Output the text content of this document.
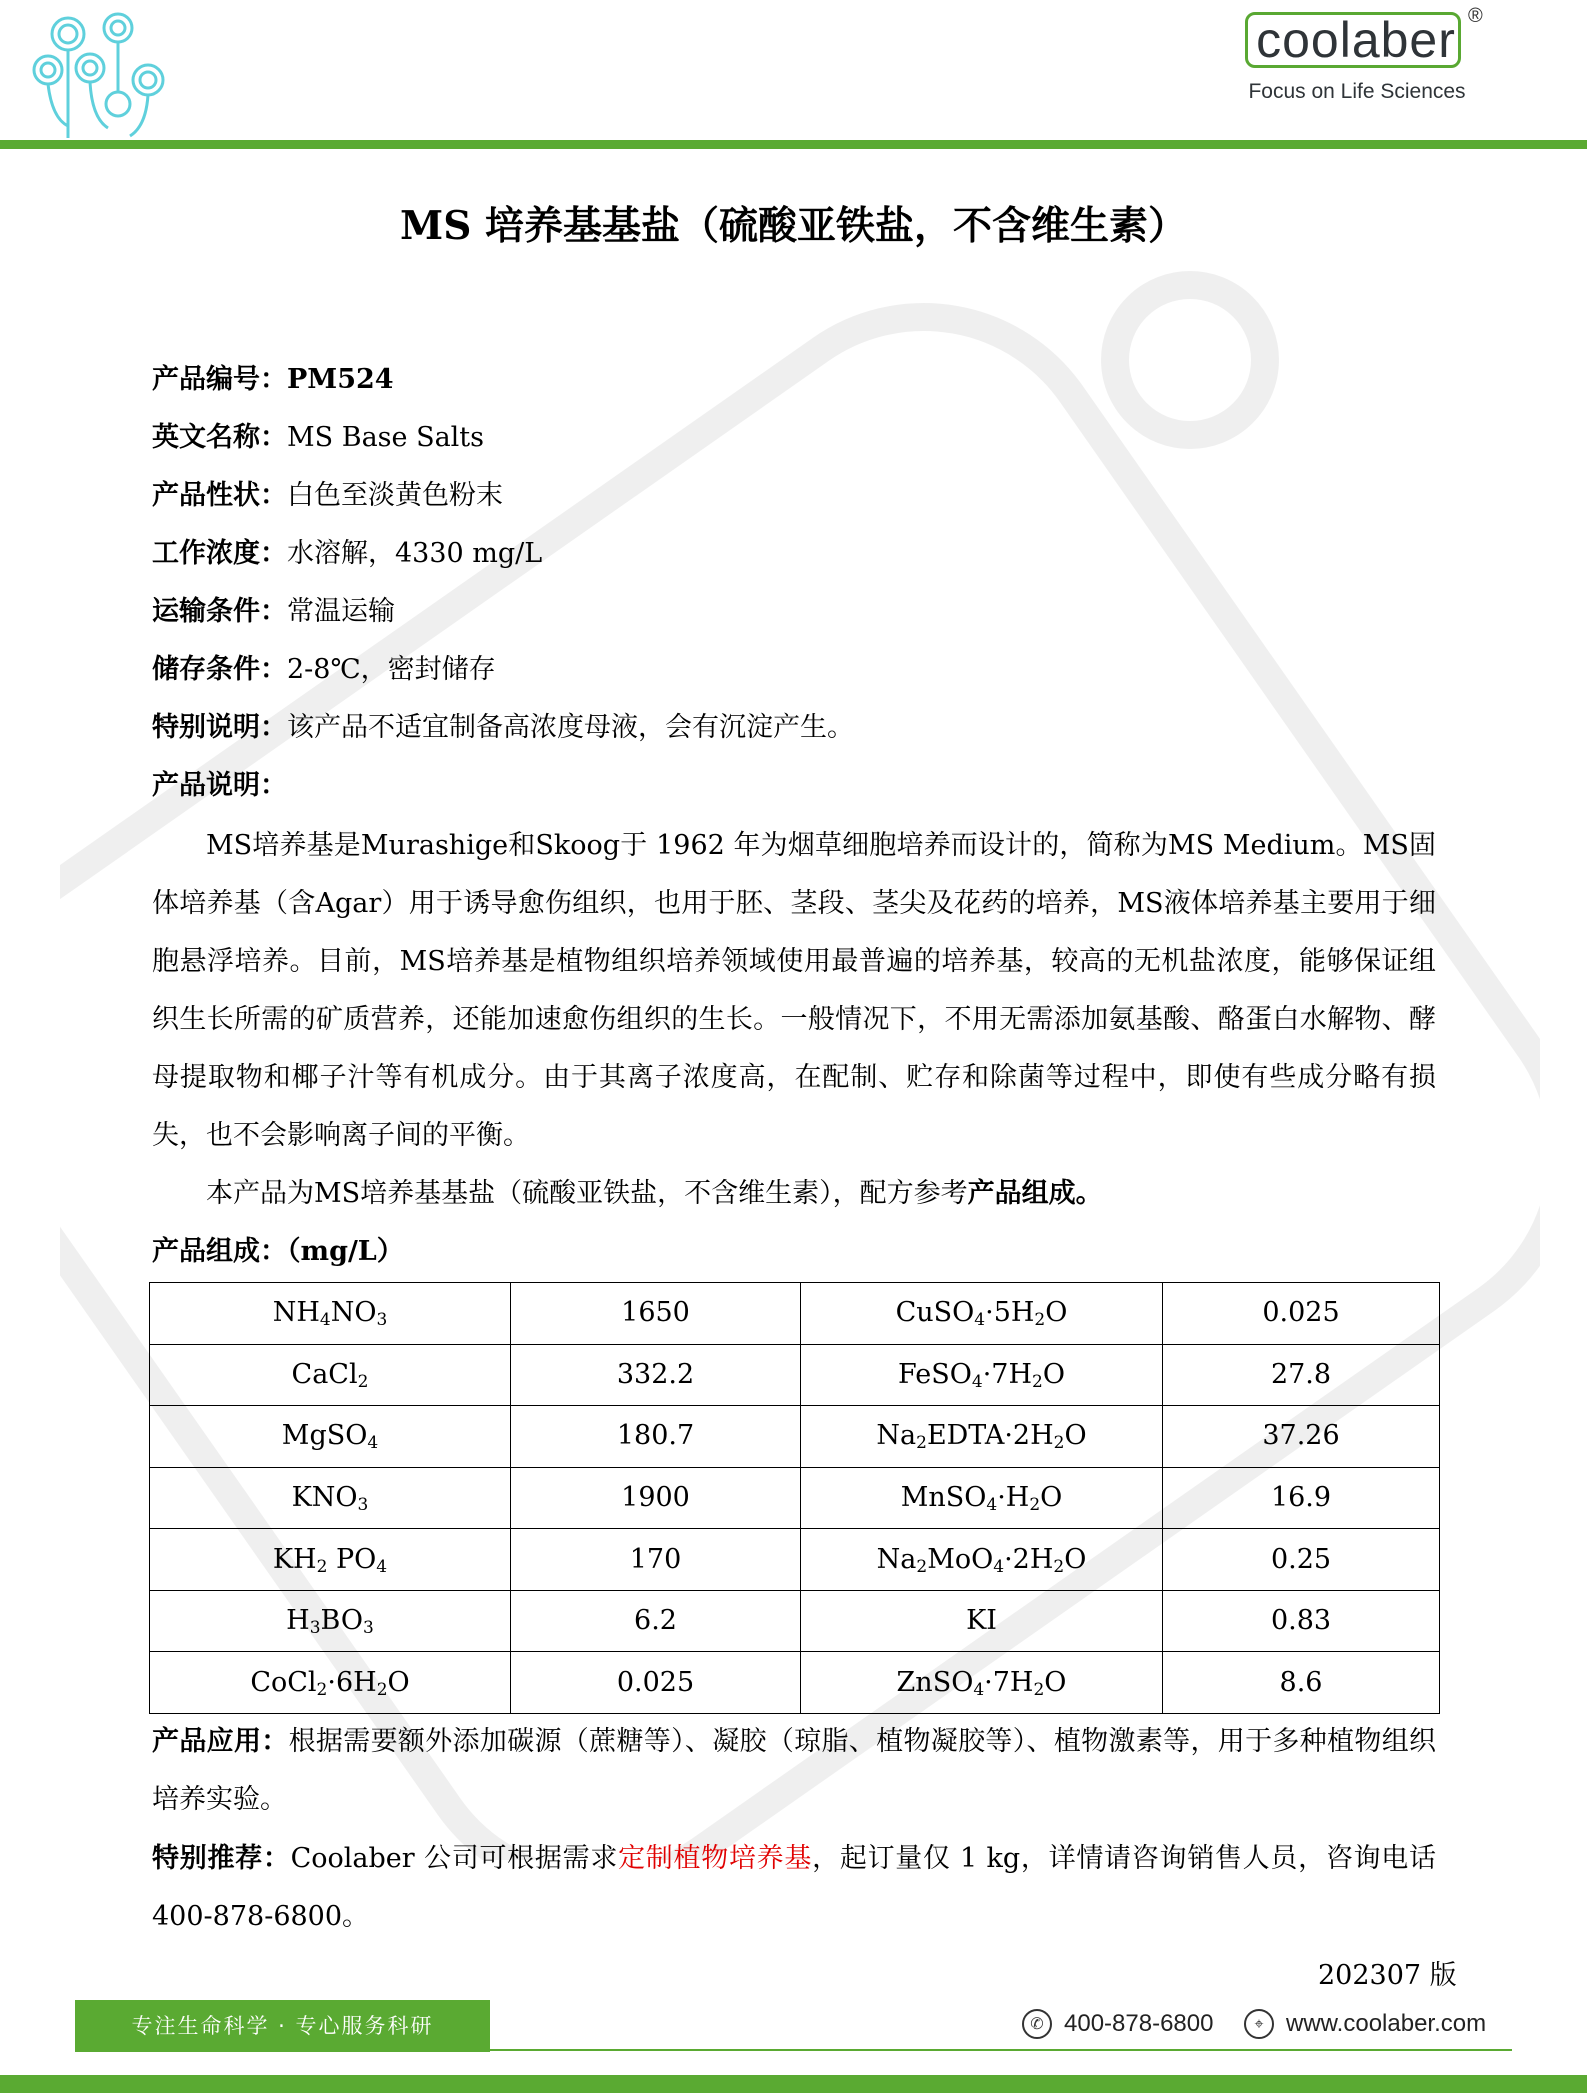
coolaber ®
Focus on Life Sciences
MS 培养基基盐（硫酸亚铁盐，不含维生素）
产品编号：PM524
英文名称：MS Base Salts
产品性状：白色至淡黄色粉末
工作浓度：水溶解，4330 mg/L
运输条件：常温运输
储存条件：2-8℃，密封储存
特别说明：该产品不适宜制备高浓度母液，会有沉淀产生。
产品说明：
MS培养基是Murashige和Skoog于 1962 年为烟草细胞培养而设计的，简称为MS Medium。MS固体培养基（含Agar）用于诱导愈伤组织，也用于胚、茎段、茎尖及花药的培养，MS液体培养基主要用于细胞悬浮培养。目前，MS培养基是植物组织培养领域使用最普遍的培养基，较高的无机盐浓度，能够保证组织生长所需的矿质营养，还能加速愈伤组织的生长。一般情况下，不用无需添加氨基酸、酪蛋白水解物、酵母提取物和椰子汁等有机成分。由于其离子浓度高，在配制、贮存和除菌等过程中，即使有些成分略有损失，也不会影响离子间的平衡。
本产品为MS培养基基盐（硫酸亚铁盐，不含维生素），配方参考产品组成。
产品组成：（mg/L）
$NH_4NO_3$	1650	$CuSO_4\cdot 5H_2O$	0.025
CaCl$_2$	332.2	$FeSO_4\cdot 7H_2O$	27.8
MgSO$_4$	180.7	$Na_2EDTA\cdot 2H_2O$	37.26
$KNO_3$	1900	$MnSO_4\cdot H_2O$	16.9
$KH_2$ $PO_4$	170	$Na_2MoO_4\cdot 2H_2O$	0.25
$H_3BO_3$	6.2	KI	0.83
$CoCl_2\cdot 6H_2O$	0.025	$ZnSO_4\cdot 7H_2O$	8.6
产品应用：根据需要额外添加碳源（蔗糖等）、凝胶（琼脂、植物凝胶等）、植物激素等，用于多种植物组织培养实验。
特别推荐：Coolaber 公司可根据需求定制植物培养基，起订量仅 1 kg，详情请咨询销售人员，咨询电话 400-878-6800。
202307 版
专注生命科学 · 专心服务科研	✆ 400-878-6800	⌖ www.coolaber.com
